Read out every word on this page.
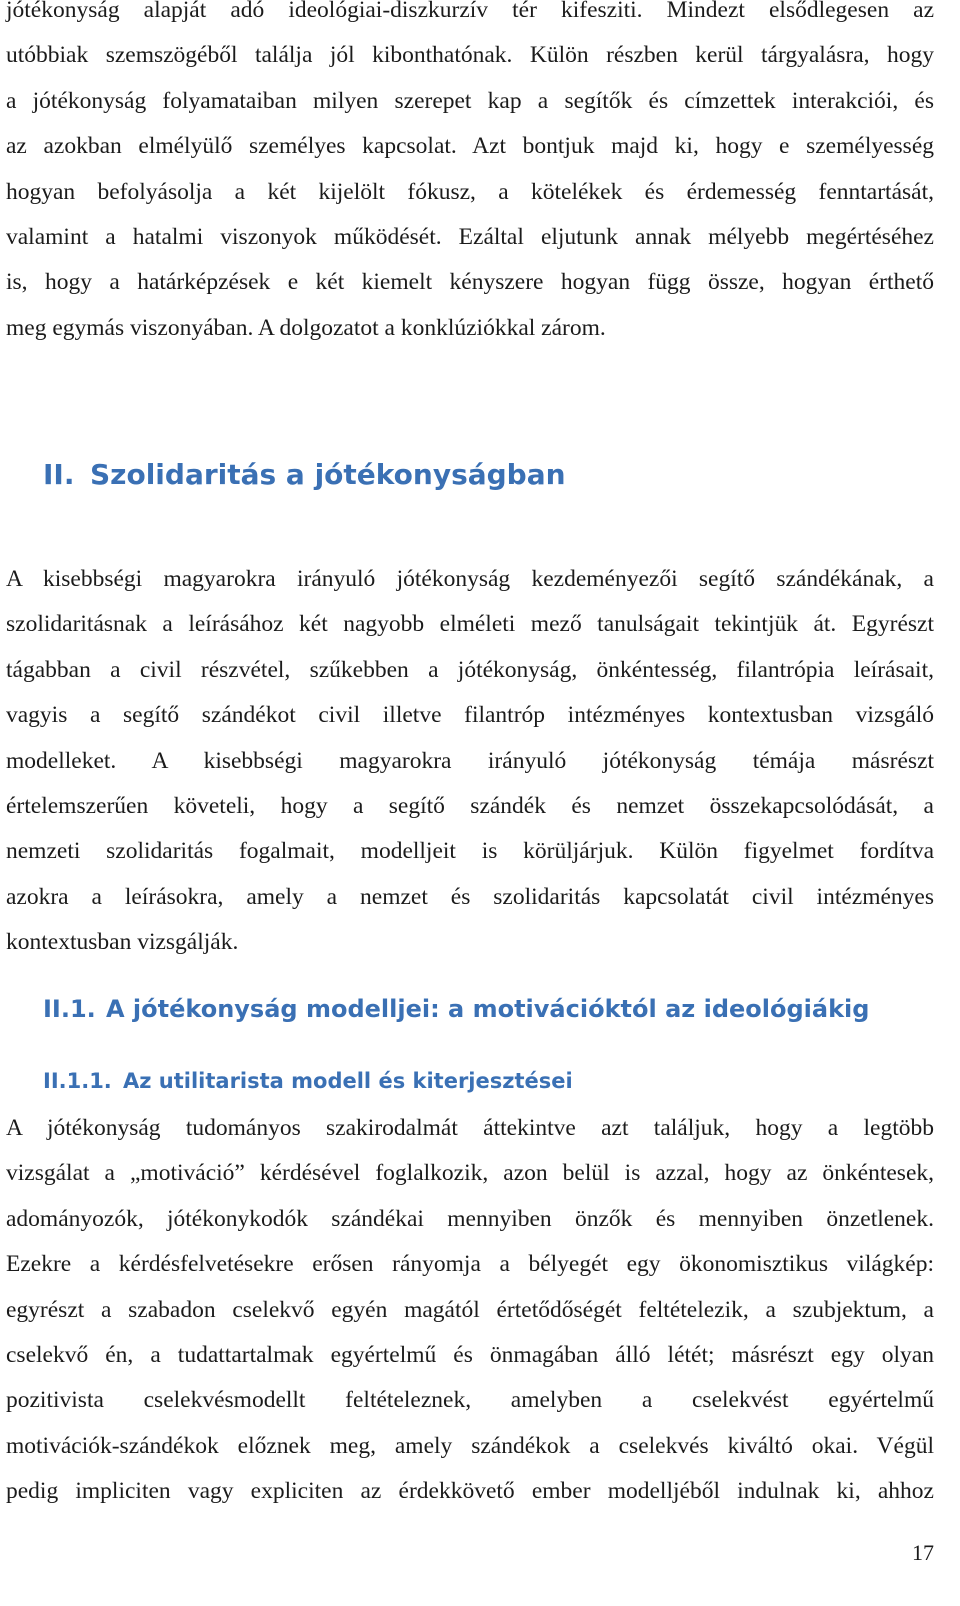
jótékonyság alapját adó ideológiai-diszkurzív tér kifesziti. Mindezt elsődlegesen az
utóbbiak szemszögéből találja jól kibonthatónak. Külön részben kerül tárgyalásra, hogy
a jótékonyság folyamataiban milyen szerepet kap a segítők és címzettek interakciói, és
az azokban elmélyülő személyes kapcsolat. Azt bontjuk majd ki, hogy e személyesség
hogyan befolyásolja a két kijelölt fókusz, a kötelékek és érdemesség fenntartását,
valamint a hatalmi viszonyok működését. Ezáltal eljutunk annak mélyebb megértéséhez
is, hogy a határképzések e két kiemelt kényszere hogyan függ össze, hogyan érthető
meg egymás viszonyában. A dolgozatot a konklúziókkal zárom.

II. Szolidaritás a jótékonyságban

A kisebbségi magyarokra irányuló jótékonyság kezdeményezői segítő szándékának, a
szolidaritásnak a leírásához két nagyobb elméleti mező tanulságait tekintjük át. Egyrészt
tágabban a civil részvétel, szűkebben a jótékonyság, önkéntesség, filantrópia leírásait,
vagyis a segítő szándékot civil illetve filantróp intézményes kontextusban vizsgáló
modelleket. A kisebbségi magyarokra irányuló jótékonyság témája másrészt
értelemszerűen követeli, hogy a segítő szándék és nemzet összekapcsolódását, a
nemzeti szolidaritás fogalmait, modelljeit is körüljárjuk. Külön figyelmet fordítva
azokra a leírásokra, amely a nemzet és szolidaritás kapcsolatát civil intézményes
kontextusban vizsgálják.

II.1. A jótékonyság modelljei: a motivációktól az ideológiákig
II.1.1. Az utilitarista modell és kiterjesztései

A jótékonyság tudományos szakirodalmát áttekintve azt találjuk, hogy a legtöbb
vizsgálat a „motiváció” kérdésével foglalkozik, azon belül is azzal, hogy az önkéntesek,
adományozók, jótékonykodók szándékai mennyiben önzők és mennyiben önzetlenek.
Ezekre a kérdésfelvetésekre erősen rányomja a bélyegét egy ökonomisztikus világkép:
egyrészt a szabadon cselekvő egyén magától értetődőségét feltételezik, a szubjektum, a
cselekvő én, a tudattartalmak egyértelmű és önmagában álló létét; másrészt egy olyan
pozitivista cselekvésmodellt feltételeznek, amelyben a cselekvést egyértelmű
motivációk-szándékok előznek meg, amely szándékok a cselekvés kiváltó okai. Végül
pedig impliciten vagy expliciten az érdekkövető ember modelljéből indulnak ki, ahhoz

17
